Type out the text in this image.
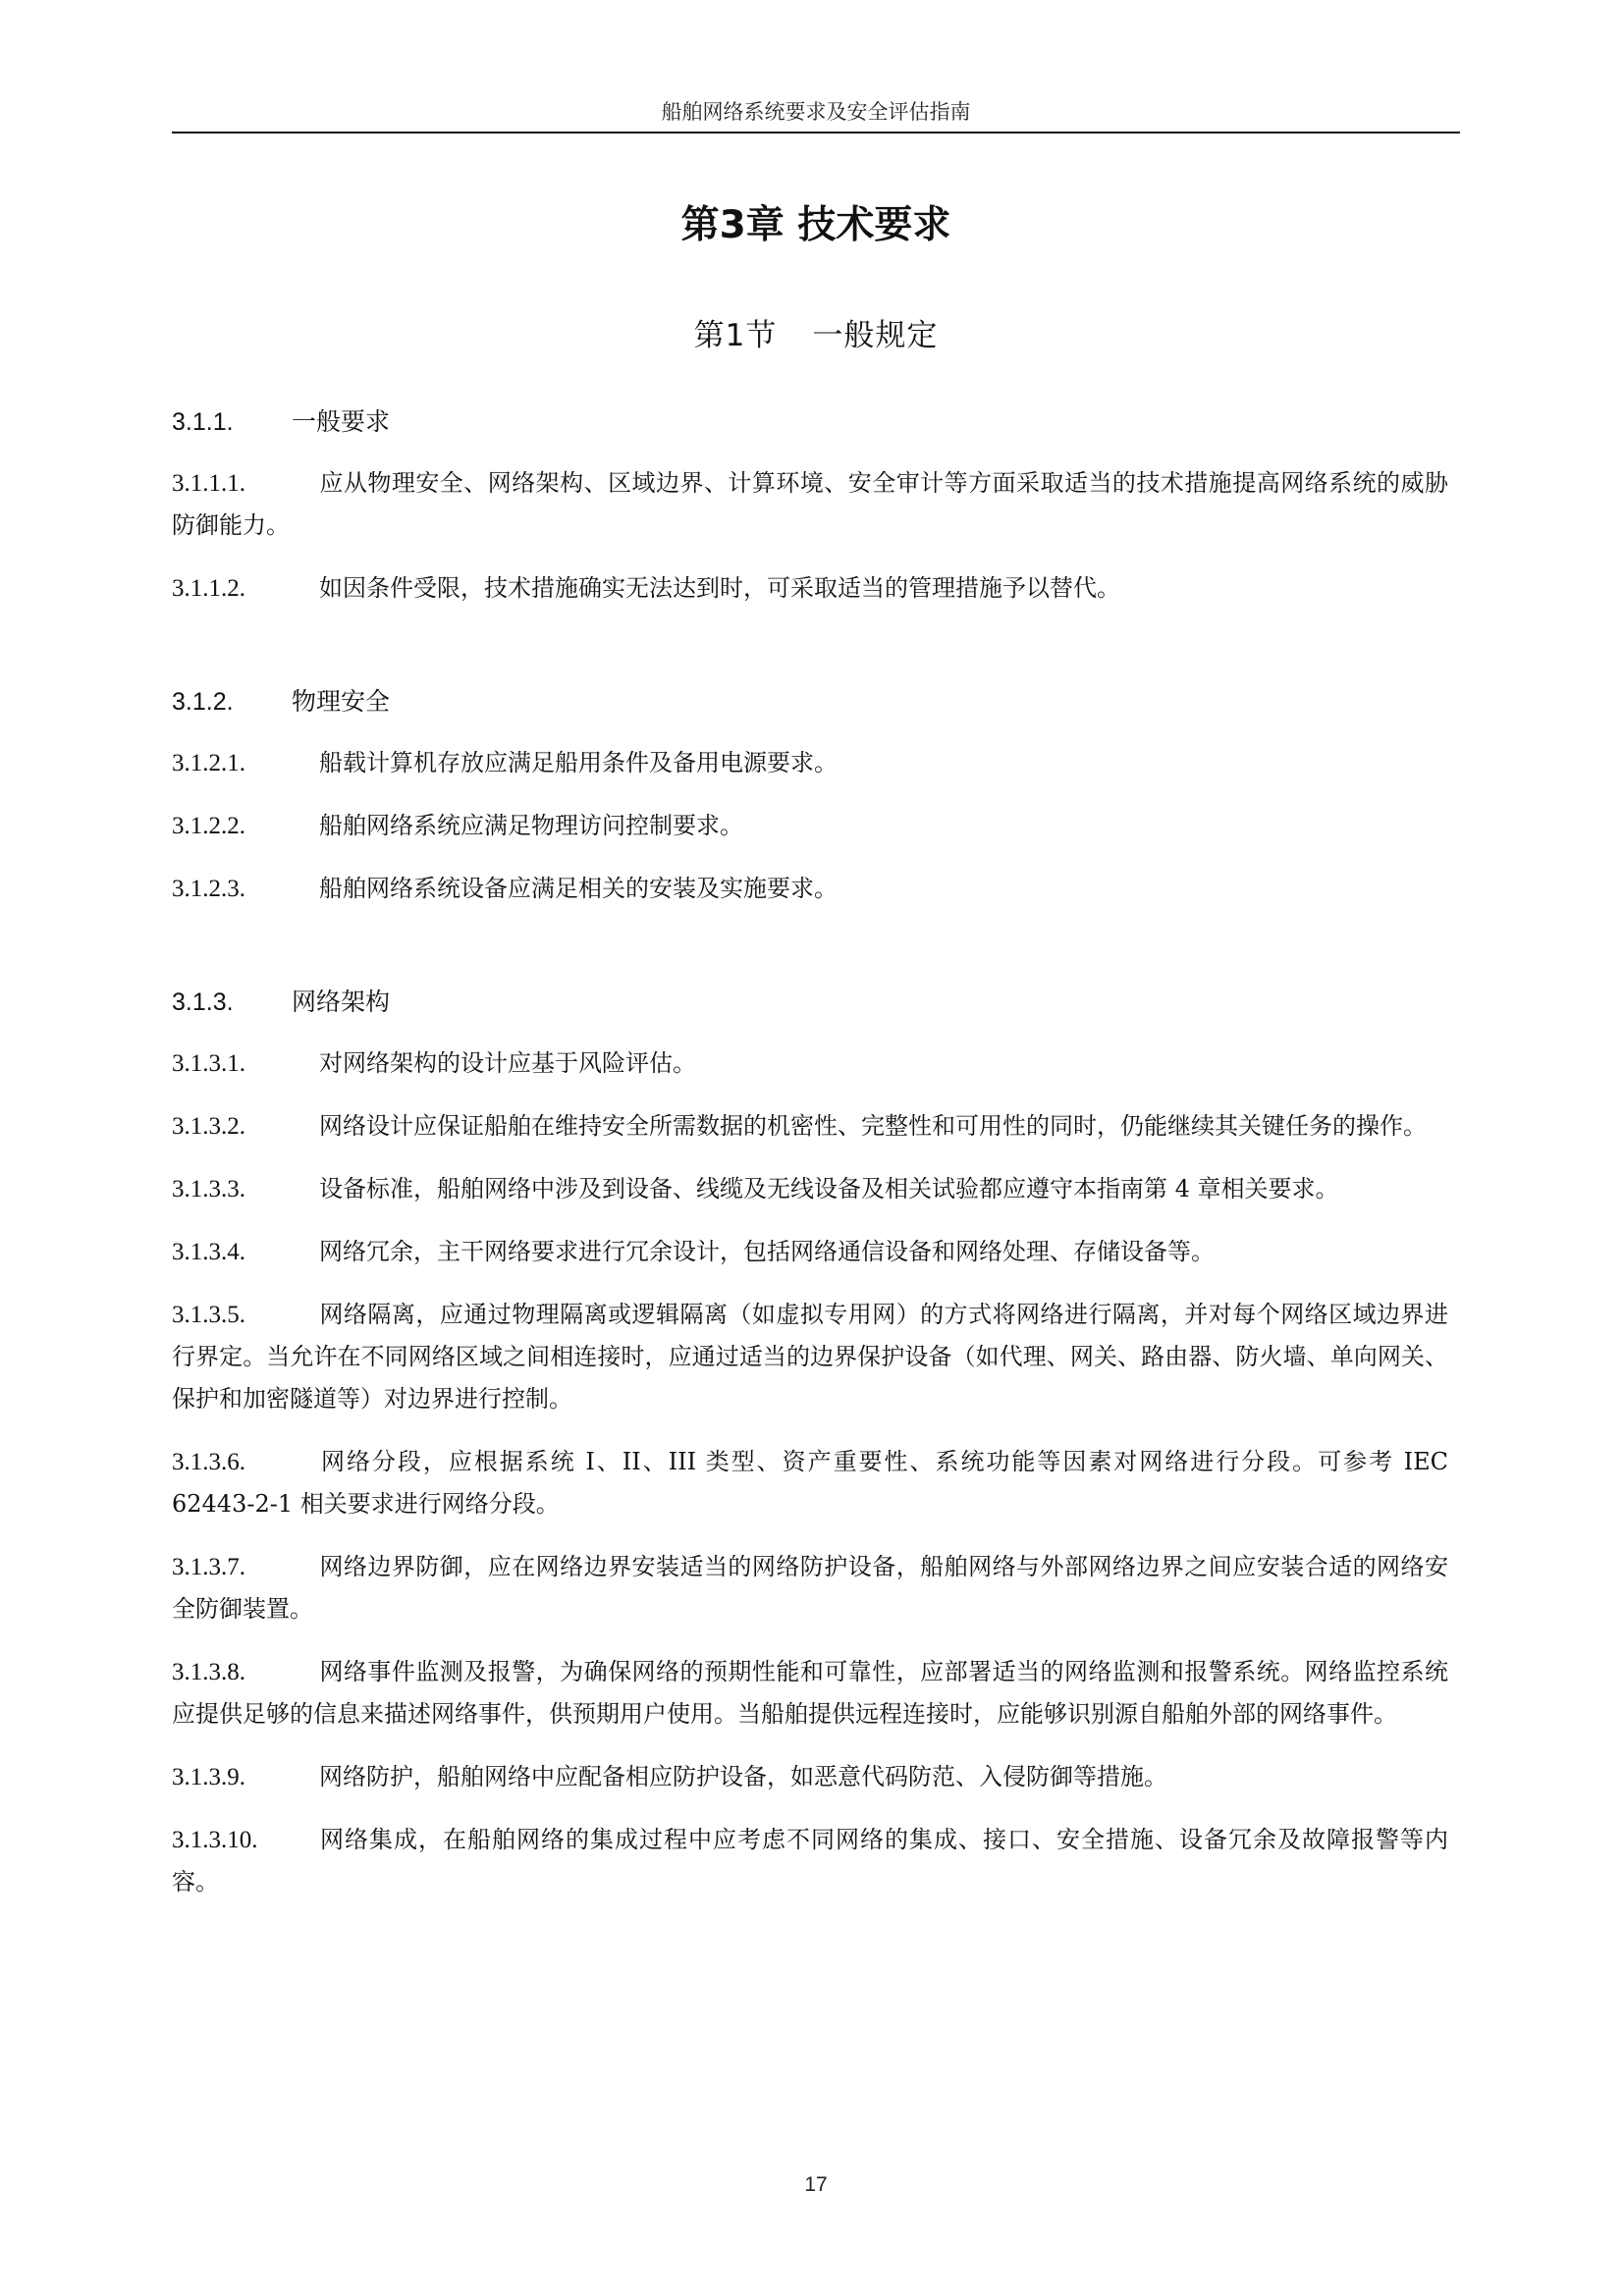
船舶网络系统要求及安全评估指南
第3章 技术要求
第1节 一般规定
3.1.1.	一般要求

3.1.1.1.	应从物理安全、网络架构、区域边界、计算环境、安全审计等方面采取适当的技术措施提高网络系统的威胁防御能力。

3.1.1.2.	如因条件受限，技术措施确实无法达到时，可采取适当的管理措施予以替代。

3.1.2.	物理安全

3.1.2.1.	船载计算机存放应满足船用条件及备用电源要求。

3.1.2.2.	船舶网络系统应满足物理访问控制要求。

3.1.2.3.	船舶网络系统设备应满足相关的安装及实施要求。

3.1.3.	网络架构

3.1.3.1.	对网络架构的设计应基于风险评估。

3.1.3.2.	网络设计应保证船舶在维持安全所需数据的机密性、完整性和可用性的同时，仍能继续其关键任务的操作。

3.1.3.3.	设备标准，船舶网络中涉及到设备、线缆及无线设备及相关试验都应遵守本指南第 4 章相关要求。

3.1.3.4.	网络冗余，主干网络要求进行冗余设计，包括网络通信设备和网络处理、存储设备等。

3.1.3.5.	网络隔离，应通过物理隔离或逻辑隔离（如虚拟专用网）的方式将网络进行隔离，并对每个网络区域边界进行界定。当允许在不同网络区域之间相连接时，应通过适当的边界保护设备（如代理、网关、路由器、防火墙、单向网关、保护和加密隧道等）对边界进行控制。

3.1.3.6.	网络分段，应根据系统 I、II、III 类型、资产重要性、系统功能等因素对网络进行分段。可参考 IEC 62443-2-1 相关要求进行网络分段。

3.1.3.7.	网络边界防御，应在网络边界安装适当的网络防护设备，船舶网络与外部网络边界之间应安装合适的网络安全防御装置。

3.1.3.8.	网络事件监测及报警，为确保网络的预期性能和可靠性，应部署适当的网络监测和报警系统。网络监控系统应提供足够的信息来描述网络事件，供预期用户使用。当船舶提供远程连接时，应能够识别源自船舶外部的网络事件。

3.1.3.9.	网络防护，船舶网络中应配备相应防护设备，如恶意代码防范、入侵防御等措施。

3.1.3.10.	网络集成，在船舶网络的集成过程中应考虑不同网络的集成、接口、安全措施、设备冗余及故障报警等内容。

17
